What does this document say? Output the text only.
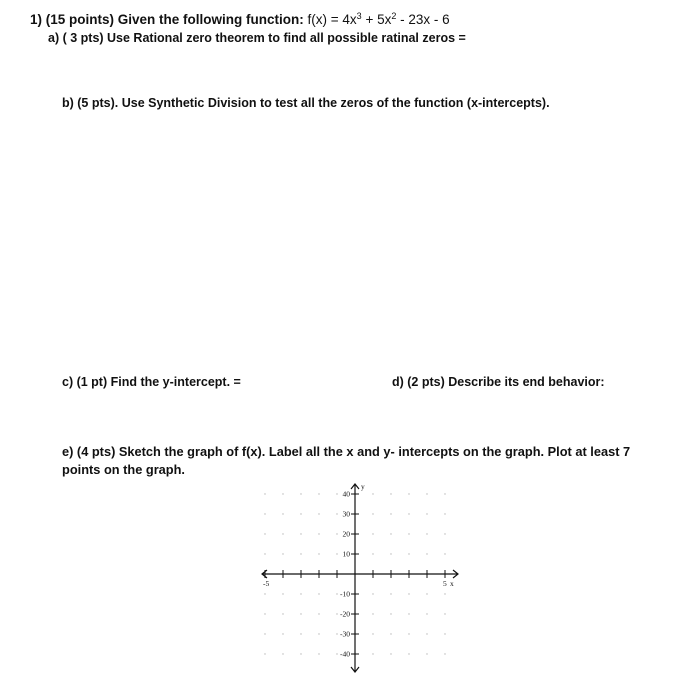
1) (15 points) Given the following function: $f(x) = 4x^3 + 5x^2 - 23x - 6$
a) ( 3 pts) Use Rational zero theorem to find all possible ratinal zeros =
b) (5 pts). Use Synthetic Division to test all the zeros of the function (x-intercepts).
c) (1 pt) Find the y-intercept. =	d) (2 pts) Describe its end behavior:
e) (4 pts) Sketch the graph of f(x). Label all the x and y- intercepts on the graph. Plot at least 7
points on the graph.
-5	5 x
y
40
30
20
10
-10
-20
-30
-40
